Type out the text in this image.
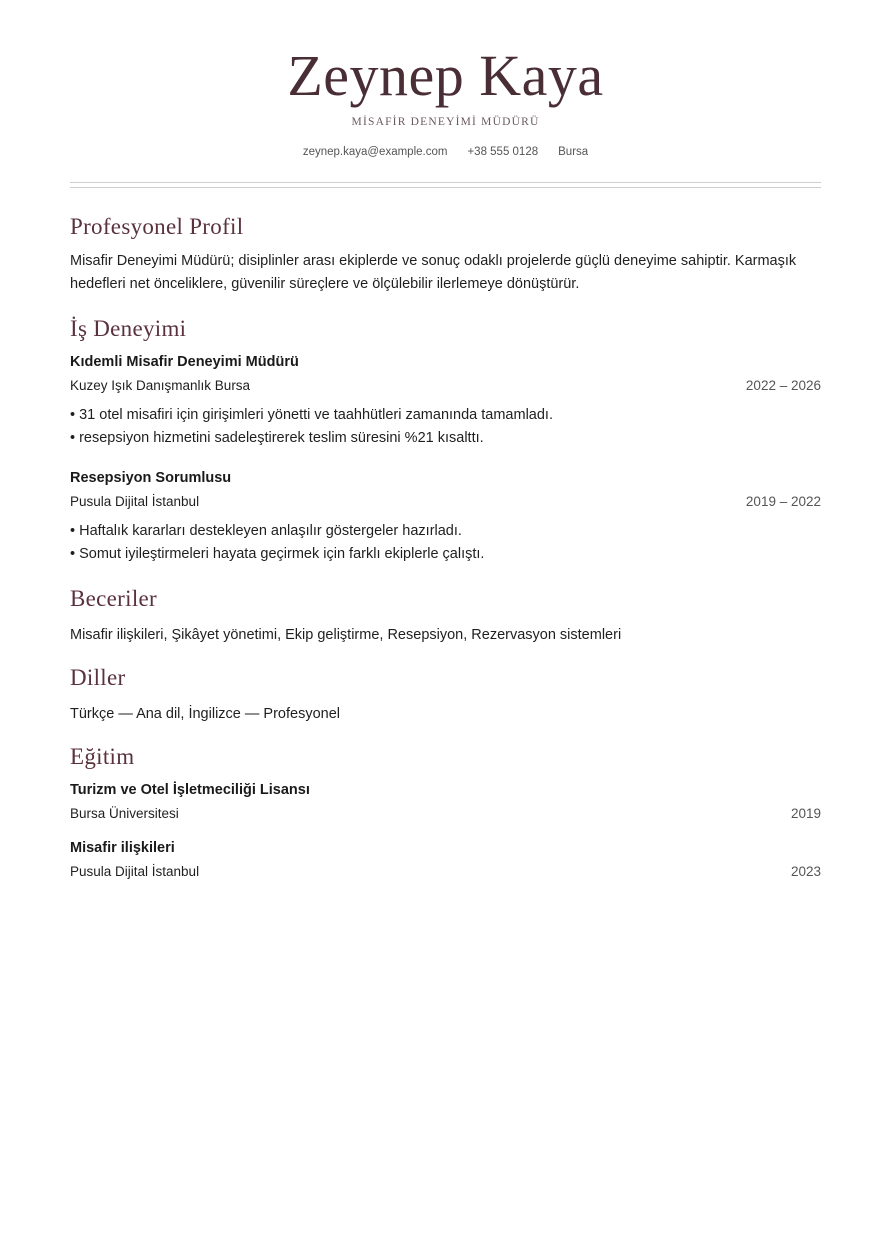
Zeynep Kaya
MİSAFİR DENEYİMİ MÜDÜRÜ
zeynep.kaya@example.com +38 555 0128 Bursa
Profesyonel Profil
Misafir Deneyimi Müdürü; disiplinler arası ekiplerde ve sonuç odaklı projelerde güçlü deneyime sahiptir. Karmaşık hedefleri net önceliklere, güvenilir süreçlere ve ölçülebilir ilerlemeye dönüştürür.
İş Deneyimi
Kıdemli Misafir Deneyimi Müdürü
Kuzey Işık Danışmanlık Bursa	2022 – 2026
• 31 otel misafiri için girişimleri yönetti ve taahhütleri zamanında tamamladı.
• resepsiyon hizmetini sadeleştirerek teslim süresini %21 kısalttı.
Resepsiyon Sorumlusu
Pusula Dijital İstanbul	2019 – 2022
• Haftalık kararları destekleyen anlaşılır göstergeler hazırladı.
• Somut iyileştirmeleri hayata geçirmek için farklı ekiplerle çalıştı.
Beceriler
Misafir ilişkileri, Şikâyet yönetimi, Ekip geliştirme, Resepsiyon, Rezervasyon sistemleri
Diller
Türkçe — Ana dil, İngilizce — Profesyonel
Eğitim
Turizm ve Otel İşletmeciliği Lisansı
Bursa Üniversitesi	2019
Misafir ilişkileri
Pusula Dijital İstanbul	2023
